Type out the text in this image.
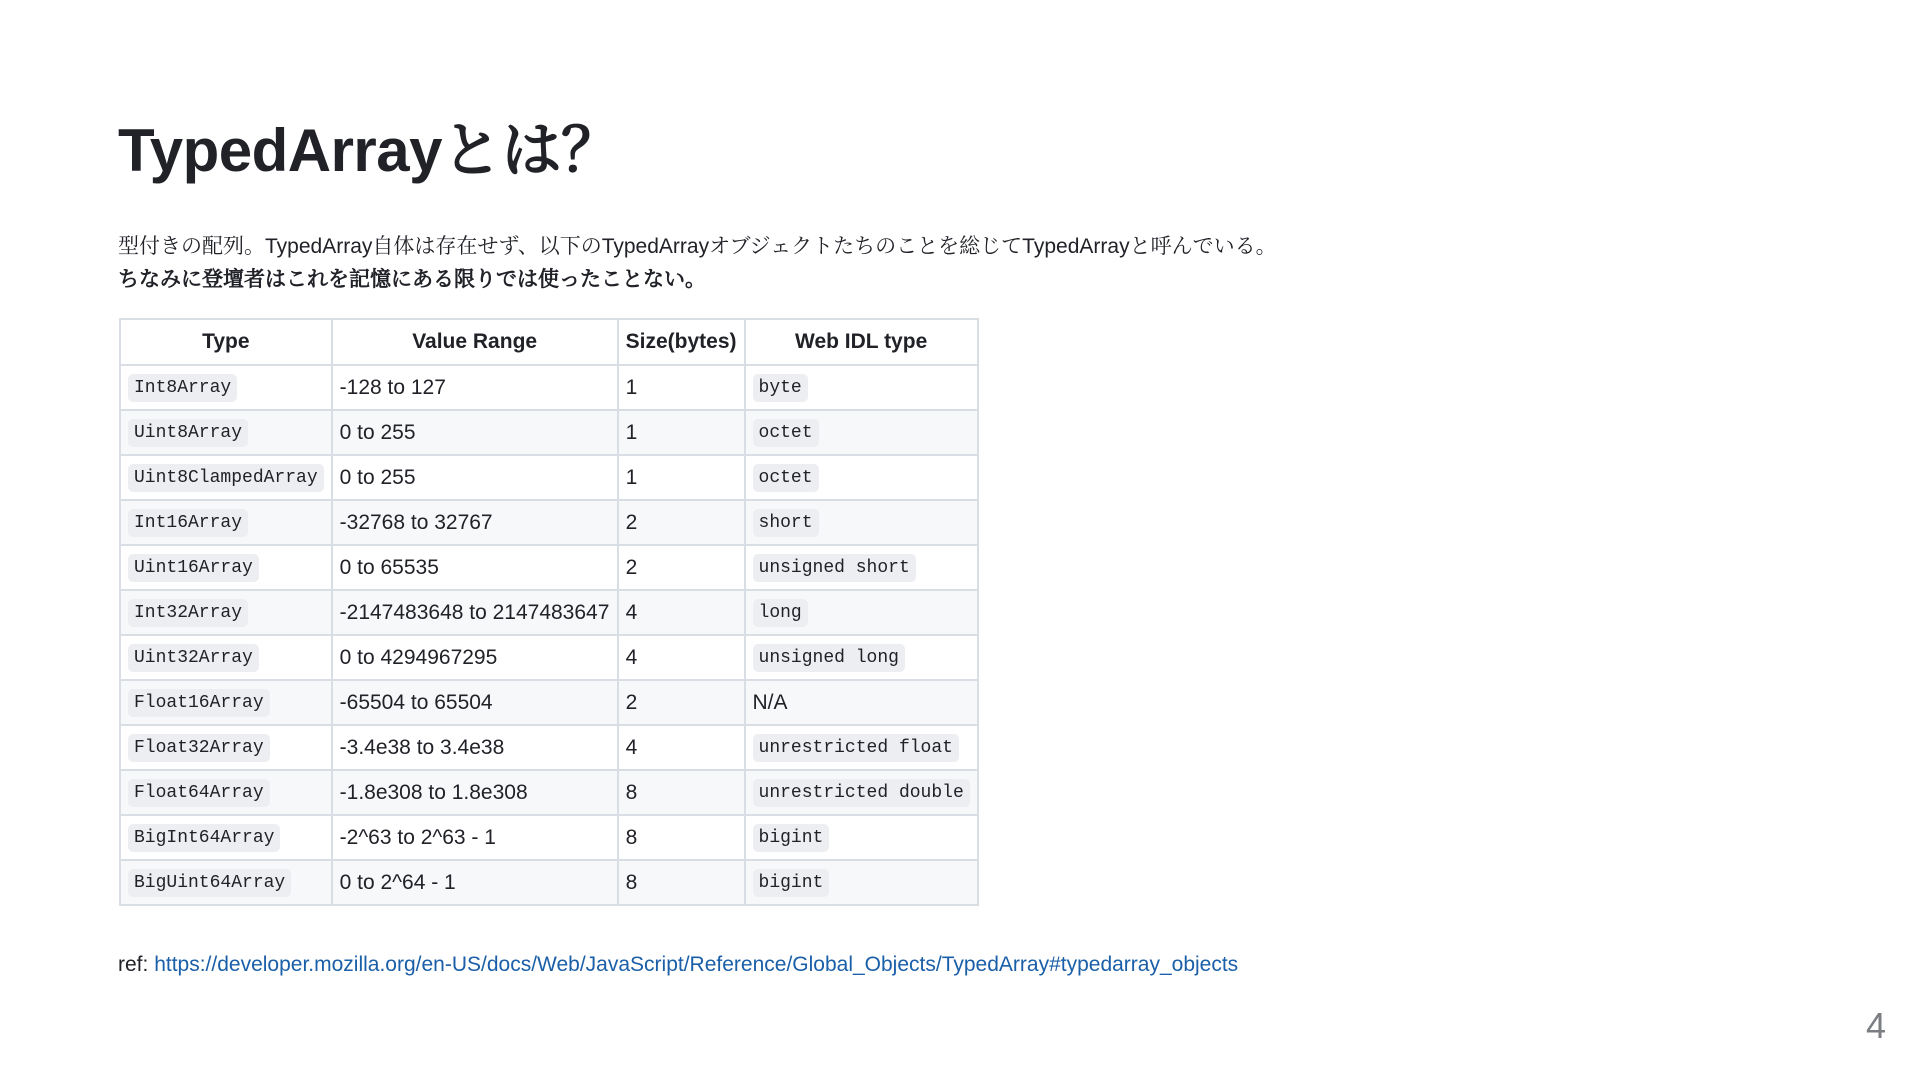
TypedArrayとは？

型付きの配列。TypedArray自体は存在せず、以下のTypedArrayオブジェクトたちのことを総じてTypedArrayと呼んでいる。
ちなみに登壇者はこれを記憶にある限りでは使ったことない。

Type	Value Range	Size(bytes)	Web IDL type
Int8Array	-128 to 127	1	byte
Uint8Array	0 to 255	1	octet
Uint8ClampedArray	0 to 255	1	octet
Int16Array	-32768 to 32767	2	short
Uint16Array	0 to 65535	2	unsigned short
Int32Array	-2147483648 to 2147483647	4	long
Uint32Array	0 to 4294967295	4	unsigned long
Float16Array	-65504 to 65504	2	N/A
Float32Array	-3.4e38 to 3.4e38	4	unrestricted float
Float64Array	-1.8e308 to 1.8e308	8	unrestricted double
BigInt64Array	-2^63 to 2^63 - 1	8	bigint
BigUint64Array	0 to 2^64 - 1	8	bigint

ref: https://developer.mozilla.org/en-US/docs/Web/JavaScript/Reference/Global_Objects/TypedArray#typedarray_objects

4
